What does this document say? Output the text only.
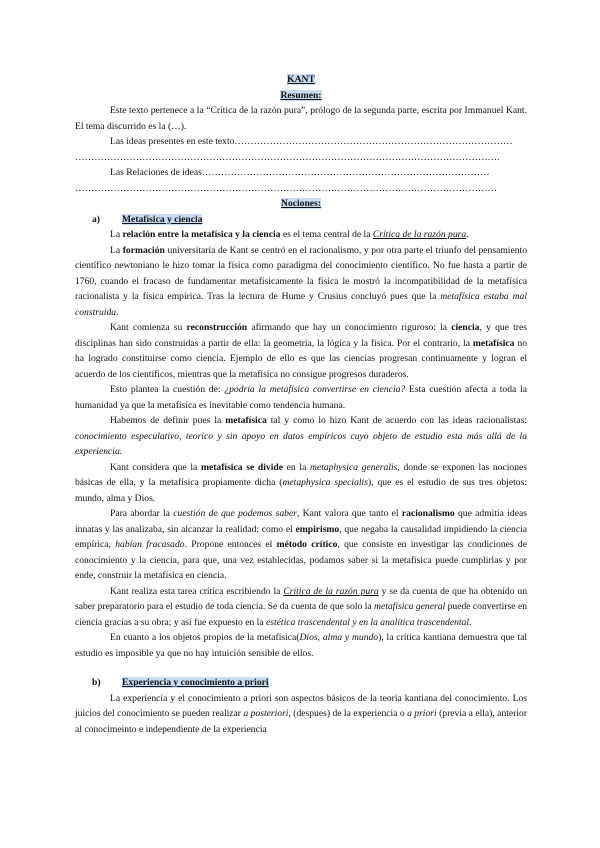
KANT
Resumen:

Este texto pertenece a la “Crítica de la razón pura”, prólogo de la segunda parte, escrita por Immanuel Kant. El tema discurrido es la (…).

Las ideas presentes en este texto……………………………………………………………………………
…………………………………………………………………………………………………………………….
Las Relaciones de ideas………………………………………………………………………………
……………………………………………………………………………………………………………………
Nociones:
a) Metafísica y ciencia

La relación entre la metafísica y la ciencia es el tema central de la Crítica de la razón pura.

La formación universitaria de Kant se centró en el racionalismo, y por otra parte el triunfo del pensamiento científico newtoniano le hizo tomar la física como paradigma del conocimiento científico. No fue hasta a partir de 1760, cuando el fracaso de fundamentar metafísicamente la física le mostró la incompatibilidad de la metafísica racionalista y la física empírica. Tras la lectura de Hume y Crusius concluyó pues que la metafísica estaba mal construida.

Kant comienza su reconstrucción afirmando que hay un conocimiento riguroso: la ciencia, y que tres disciplinas han sido construidas a partir de ella: la geometría, la lógica y la física. Por el contrario, la metafísica no ha logrado constituirse como ciencia. Ejemplo de ello es que las ciencias progresan continuamente y logran el acuerdo de los científicos, mientras que la metafísica no consigue progresos duraderos.

Esto plantea la cuestión de: ¿podría la metafísica convertirse en ciencia? Esta cuestión afecta a toda la humanidad ya que la metafísica es inevitable como tendencia humana.

Habemos de definir pues la metafísica tal y como lo hizo Kant de acuerdo con las ideas racionalistas: conocimiento especulativo, teorico y sin apoyo en datos empíricos cuyo objeto de estudio esta más allá de la experiencia.

Kant considera que la metafísica se divide en la metaphysica generalis, donde se exponen las nociones básicas de ella, y la metafísica propiamente dicha (metaphysica specialis), que es el estudio de sus tres objetos: mundo, alma y Dios.

Para abordar la cuestión de que podemos saber, Kant valora que tanto el racionalismo que admitía ideas innatas y las analizaba, sin alcanzar la realidad; como el empirismo, que negaba la causalidad impidiendo la ciencia empírica, habían fracasado. Propone entonces el método crítico, que consiste en investigar las condiciones de conocimiento y la ciencia, para que, una vez establecidas, podamos saber si la metafísica puede cumplirlas y por ende, construir la metafísica en ciencia.

Kant realiza esta tarea crítica escribiendo la Crítica de la razón pura y se da cuenta de que ha obtenido un saber preparatorio para el estudio de toda ciencia. Se da cuenta de que solo la metafísica general puede convertirse en ciencia gracias a su obra; y así fue expuesto en la estética trascendental y en la analítica trascendental.

En cuanto a los objetos propios de la metafísica(Dios, alma y mundo), la crítica kantiana demuestra que tal estudio es imposible ya que no hay intuición sensible de ellos.

b) Experiencia y conocimiento a priori

La experiencia y el conocimiento a priori son aspectos básicos de la teoría kantiana del conocimiento. Los juicios del conocimiento se pueden realizar a posteriori, (despues) de la experiencia o a priori (previa a ella), anterior al conocimeinto e independiente de la experiencia
